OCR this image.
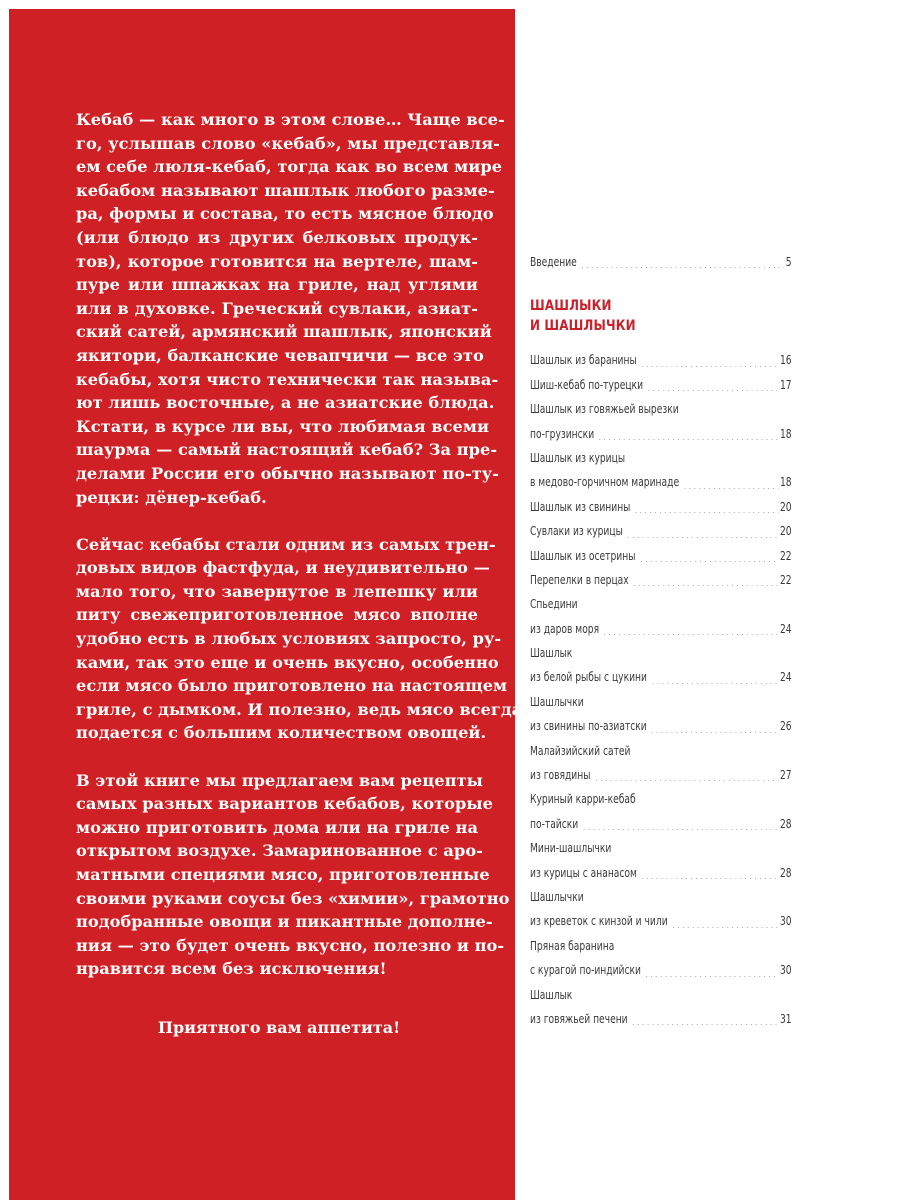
Кебаб — как много в этом слове… Чаще все-
го, услышав слово «кебаб», мы представля-
ем себе люля-кебаб, тогда как во всем мире
кебабом называют шашлык любого разме-
ра, формы и состава, то есть мясное блюдо
(или блюдо из других белковых продук-
тов), которое готовится на вертеле, шам-
пуре или шпажках на гриле, над углями
или в духовке. Греческий сувлаки, азиат-
ский сатей, армянский шашлык, японский
якитори, балканские чевапчичи — все это
кебабы, хотя чисто технически так называ-
ют лишь восточные, а не азиатские блюда.
Кстати, в курсе ли вы, что любимая всеми
шаурма — самый настоящий кебаб? За пре-
делами России его обычно называют по-ту-
рецки: дёнер-кебаб.

Сейчас кебабы стали одним из самых трен-
довых видов фастфуда, и неудивительно —
мало того, что завернутое в лепешку или
питу свежеприготовленное мясо вполне
удобно есть в любых условиях запросто, ру-
ками, так это еще и очень вкусно, особенно
если мясо было приготовлено на настоящем
гриле, с дымком. И полезно, ведь мясо всегда
подается с большим количеством овощей.

В этой книге мы предлагаем вам рецепты
самых разных вариантов кебабов, которые
можно приготовить дома или на гриле на
открытом воздухе. Замаринованное с аро-
матными специями мясо, приготовленные
своими руками соусы без «химии», грамотно
подобранные овощи и пикантные дополне-
ния — это будет очень вкусно, полезно и по-
нравится всем без исключения!

Приятного вам аппетита!
Введение	5
ШАШЛЫКИ
И ШАШЛЫЧКИ
Шашлык из баранины	16
Шиш-кебаб по-турецки	17
Шашлык из говяжьей вырезки
по-грузински	18
Шашлык из курицы
в медово-горчичном маринаде	18
Шашлык из свинины	20
Сувлаки из курицы	20
Шашлык из осетрины	22
Перепелки в перцах	22
Спьедини
из даров моря	24
Шашлык
из белой рыбы с цукини	24
Шашлычки
из свинины по-азиатски	26
Малайзийский сатей
из говядины	27
Куриный карри-кебаб
по-тайски	28
Мини-шашлычки
из курицы с ананасом	28
Шашлычки
из креветок с кинзой и чили	30
Пряная баранина
с курагой по-индийски	30
Шашлык
из говяжьей печени	31
